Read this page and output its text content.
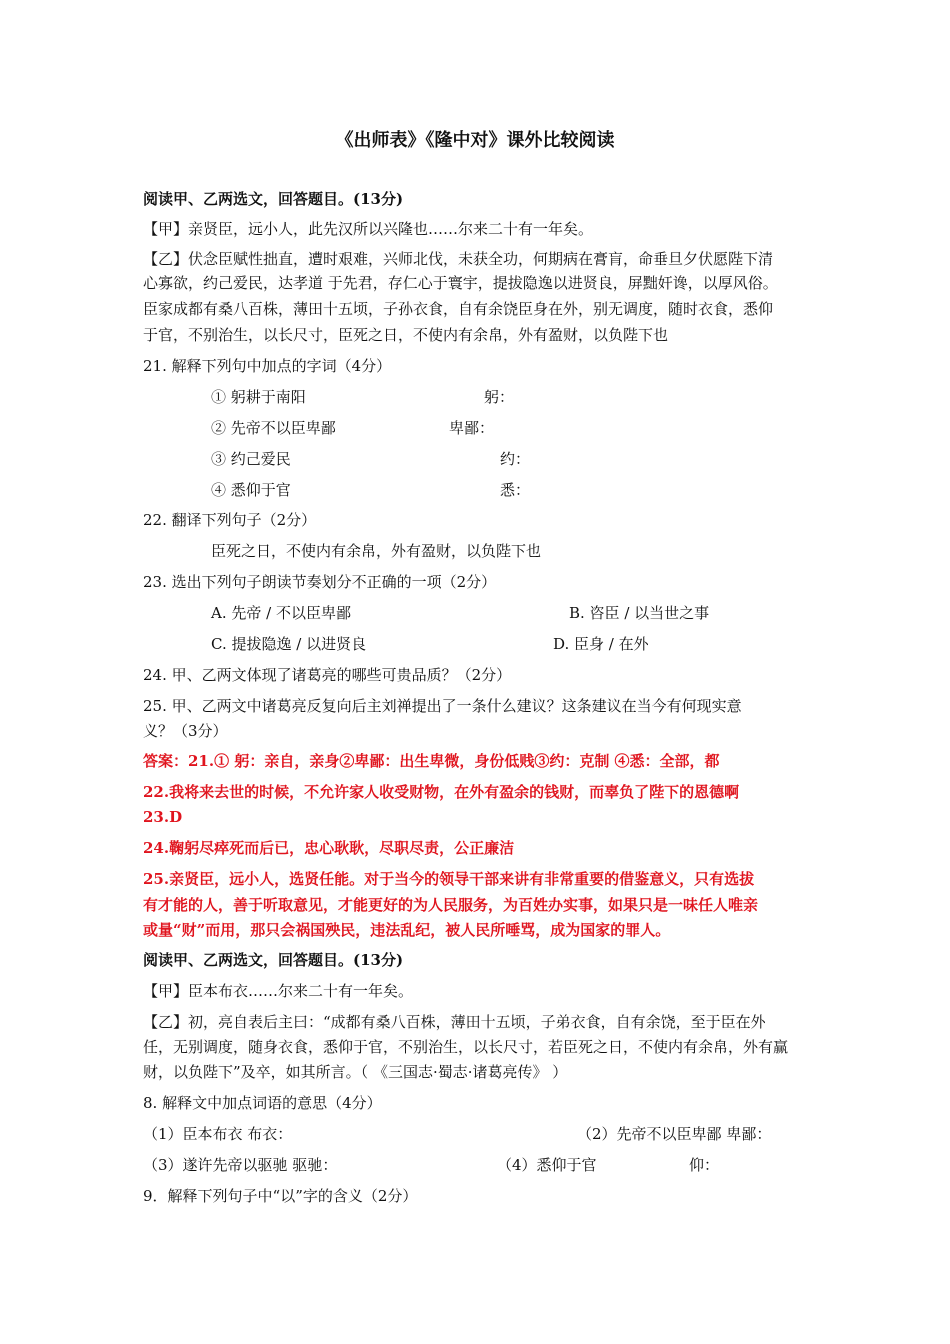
《出师表》《隆中对》课外比较阅读
阅读甲、乙两选文，回答题目。(13分)
【甲】亲贤臣，远小人，此先汉所以兴隆也……尔来二十有一年矣。
【乙】伏念臣赋性拙直，遭时艰难，兴师北伐，未获全功，何期病在膏肓，命垂旦夕伏愿陛下清
心寡欲，约己爱民，达孝道 于先君，存仁心于寰宇，提拔隐逸以进贤良，屏黜奸谗，以厚风俗。
臣家成都有桑八百株，薄田十五顷，子孙衣食，自有余饶臣身在外，别无调度，随时衣食，悉仰
于官，不别治生，以长尺寸，臣死之日，不使内有余帛，外有盈财，以负陛下也
21. 解释下列句中加点的字词（4分）
① 躬耕于南阳	躬：
② 先帝不以臣卑鄙	卑鄙：
③ 约己爱民	约：
④ 悉仰于官	悉：
22. 翻译下列句子（2分）
臣死之日，不使内有余帛，外有盈财，以负陛下也
23. 选出下列句子朗读节奏划分不正确的一项（2分）
A. 先帝 / 不以臣卑鄙	B. 咨臣 / 以当世之事
C. 提拔隐逸 / 以进贤良	D. 臣身 / 在外
24. 甲、乙两文体现了诸葛亮的哪些可贵品质？（2分）
25. 甲、乙两文中诸葛亮反复向后主刘禅提出了一条什么建议？这条建议在当今有何现实意
义？（3分）
答案：21.① 躬：亲自，亲身②卑鄙：出生卑微，身份低贱③约：克制 ④悉：全部，都
22.我将来去世的时候，不允许家人收受财物，在外有盈余的钱财，而辜负了陛下的恩德啊
23.D
24.鞠躬尽瘁死而后已，忠心耿耿，尽职尽责，公正廉洁
25.亲贤臣，远小人，选贤任能。对于当今的领导干部来讲有非常重要的借鉴意义，只有选拔
有才能的人，善于听取意见，才能更好的为人民服务，为百姓办实事，如果只是一味任人唯亲
或量“财”而用，那只会祸国殃民，违法乱纪，被人民所唾骂，成为国家的罪人。
阅读甲、乙两选文，回答题目。(13分)
【甲】臣本布衣……尔来二十有一年矣。
【乙】初，亮自表后主曰：“成都有桑八百株，薄田十五顷，子弟衣食，自有余饶，至于臣在外
任，无别调度，随身衣食，悉仰于官，不别治生，以长尺寸，若臣死之日，不使内有余帛，外有赢
财，以负陛下”及卒，如其所言。（ 《三国志·蜀志·诸葛亮传》 ）
8. 解释文中加点词语的意思（4分）
（1）臣本布衣 布衣：	（2）先帝不以臣卑鄙 卑鄙：
（3）遂许先帝以驱驰 驱驰：	（4）悉仰于官	仰：
9．解释下列句子中“以”字的含义（2分）
